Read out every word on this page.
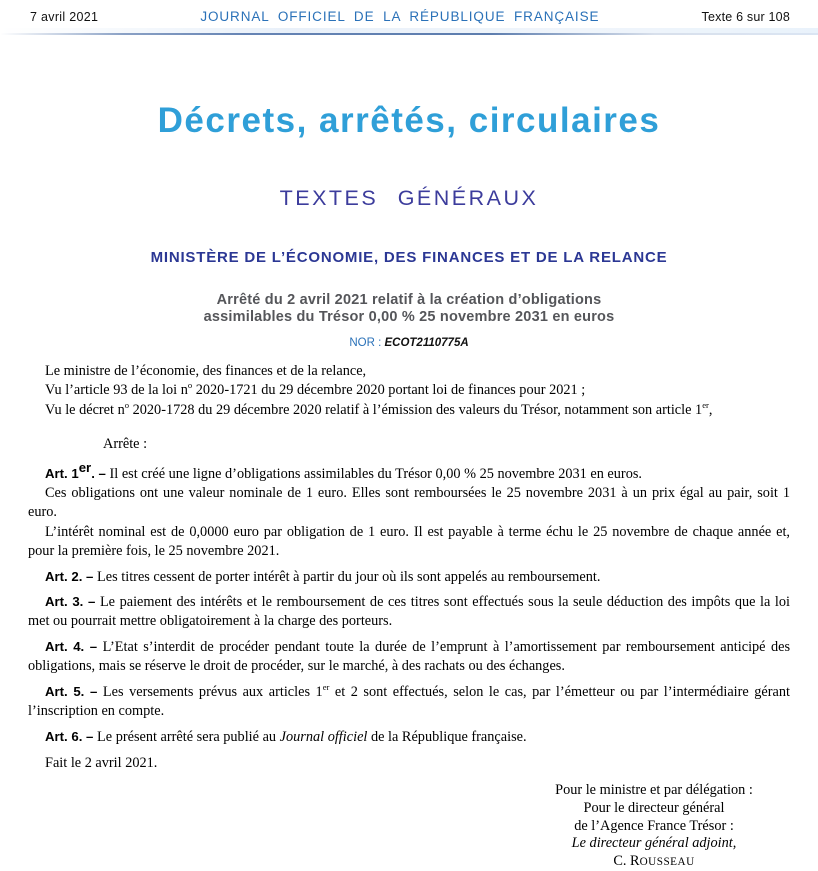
7 avril 2021	JOURNAL OFFICIEL DE LA RÉPUBLIQUE FRANÇAISE	Texte 6 sur 108
Décrets, arrêtés, circulaires
TEXTES GÉNÉRAUX
MINISTÈRE DE L’ÉCONOMIE, DES FINANCES ET DE LA RELANCE
Arrêté du 2 avril 2021 relatif à la création d’obligations
assimilables du Trésor 0,00 % 25 novembre 2031 en euros
NOR : ECOT2110775A

Le ministre de l’économie, des finances et de la relance,

Vu l’article 93 de la loi $n^o$ 2020-1721 du 29 décembre 2020 portant loi de finances pour 2021 ;

Vu le décret $n^o$ 2020-1728 du 29 décembre 2020 relatif à l’émission des valeurs du Trésor, notamment son article 1er,

Arrête :

Art. 1er. – Il est créé une ligne d’obligations assimilables du Trésor 0,00 % 25 novembre 2031 en euros.

Ces obligations ont une valeur nominale de 1 euro. Elles sont remboursées le 25 novembre 2031 à un prix égal au pair, soit 1 euro.

L’intérêt nominal est de 0,0000 euro par obligation de 1 euro. Il est payable à terme échu le 25 novembre de chaque année et, pour la première fois, le 25 novembre 2021.

Art. 2. – Les titres cessent de porter intérêt à partir du jour où ils sont appelés au remboursement.

Art. 3. – Le paiement des intérêts et le remboursement de ces titres sont effectués sous la seule déduction des impôts que la loi met ou pourrait mettre obligatoirement à la charge des porteurs.

Art. 4. – L’Etat s’interdit de procéder pendant toute la durée de l’emprunt à l’amortissement par remboursement anticipé des obligations, mais se réserve le droit de procéder, sur le marché, à des rachats ou des échanges.

Art. 5. – Les versements prévus aux articles 1er et 2 sont effectués, selon le cas, par l’émetteur ou par l’intermédiaire gérant l’inscription en compte.

Art. 6. – Le présent arrêté sera publié au Journal officiel de la République française.

Fait le 2 avril 2021.

Pour le ministre et par délégation :
Pour le directeur général
de l’Agence France Trésor :
Le directeur général adjoint,
C. ROUSSEAU
